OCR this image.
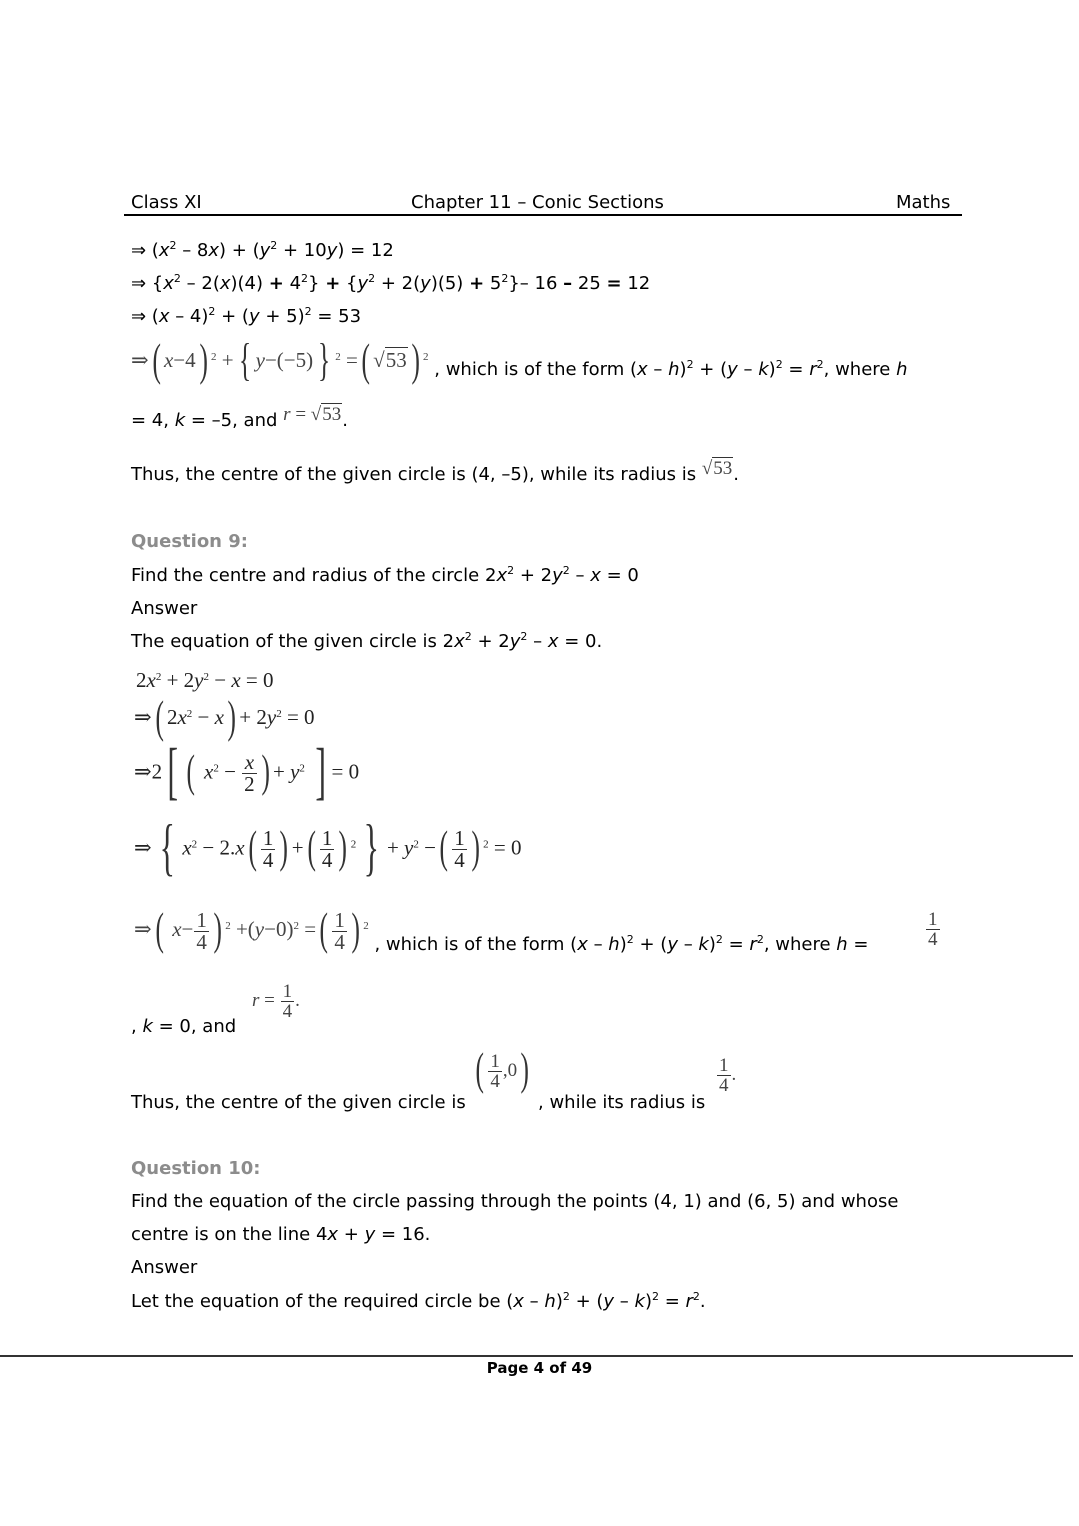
Class XI	Chapter 11 – Conic Sections	Maths
⇒ $(x^2 - 8x) + (y^2 + 10y) = 12$
⇒ $\{x^2 - 2(x)(4) + 4^2\} + \{y^2 + 2(y)(5) + 5^2\}-$ 16 – 25 = 12
⇒ $(x - 4)^2 + (y + 5)^2 = 53$
⇒( x−4) $^2$ + { y−(−5) } $^2$ =( √53) $^2$ , which is of the form $(x - h)^2 + (y - k)^2 = r^2$, where h
= 4, k = –5, and r = √53.
Thus, the centre of the given circle is (4, –5), while its radius is √53.
Question 9:
Find the centre and radius of the circle $2x^2 + 2y^2 - x = 0$
Answer
The equation of the given circle is $2x^2 + 2y^2 - x = 0$.
$2x^2 + 2y^2 - x = 0$
⇒( $2x^2 - x) + 2y^2 = 0$
⇒2[ ( $x^2 - \frac{x}{2}$ ) + $y^2$ ] = 0
⇒ { $x^2 - 2.x( \frac{1}{4}$ ) +( $\frac{1}{4}$ ) $^2$ } + $y^2$ −( $\frac{1}{4}$ ) $^2$ = 0
⇒( $x- \frac{1}{4}$ ) $^2 +(y-0)^2$ =( $\frac{1}{4}$ ) $^2$ , which is of the form $(x - h)^2 + (y - k)^2 = r^2$, where h =	$\frac{1}{4}$
, k = 0, and
$r = \frac{1}{4}$ .
Thus, the centre of the given circle is
( $\frac{1}{4} ,0$)
, while its radius is
$\frac{1}{4}$ .
Question 10:
Find the equation of the circle passing through the points (4, 1) and (6, 5) and whose
centre is on the line 4x + y = 16.
Answer
Let the equation of the required circle be $(x - h)^2 + (y - k)^2 = r^2$.
Page 4 of 49
